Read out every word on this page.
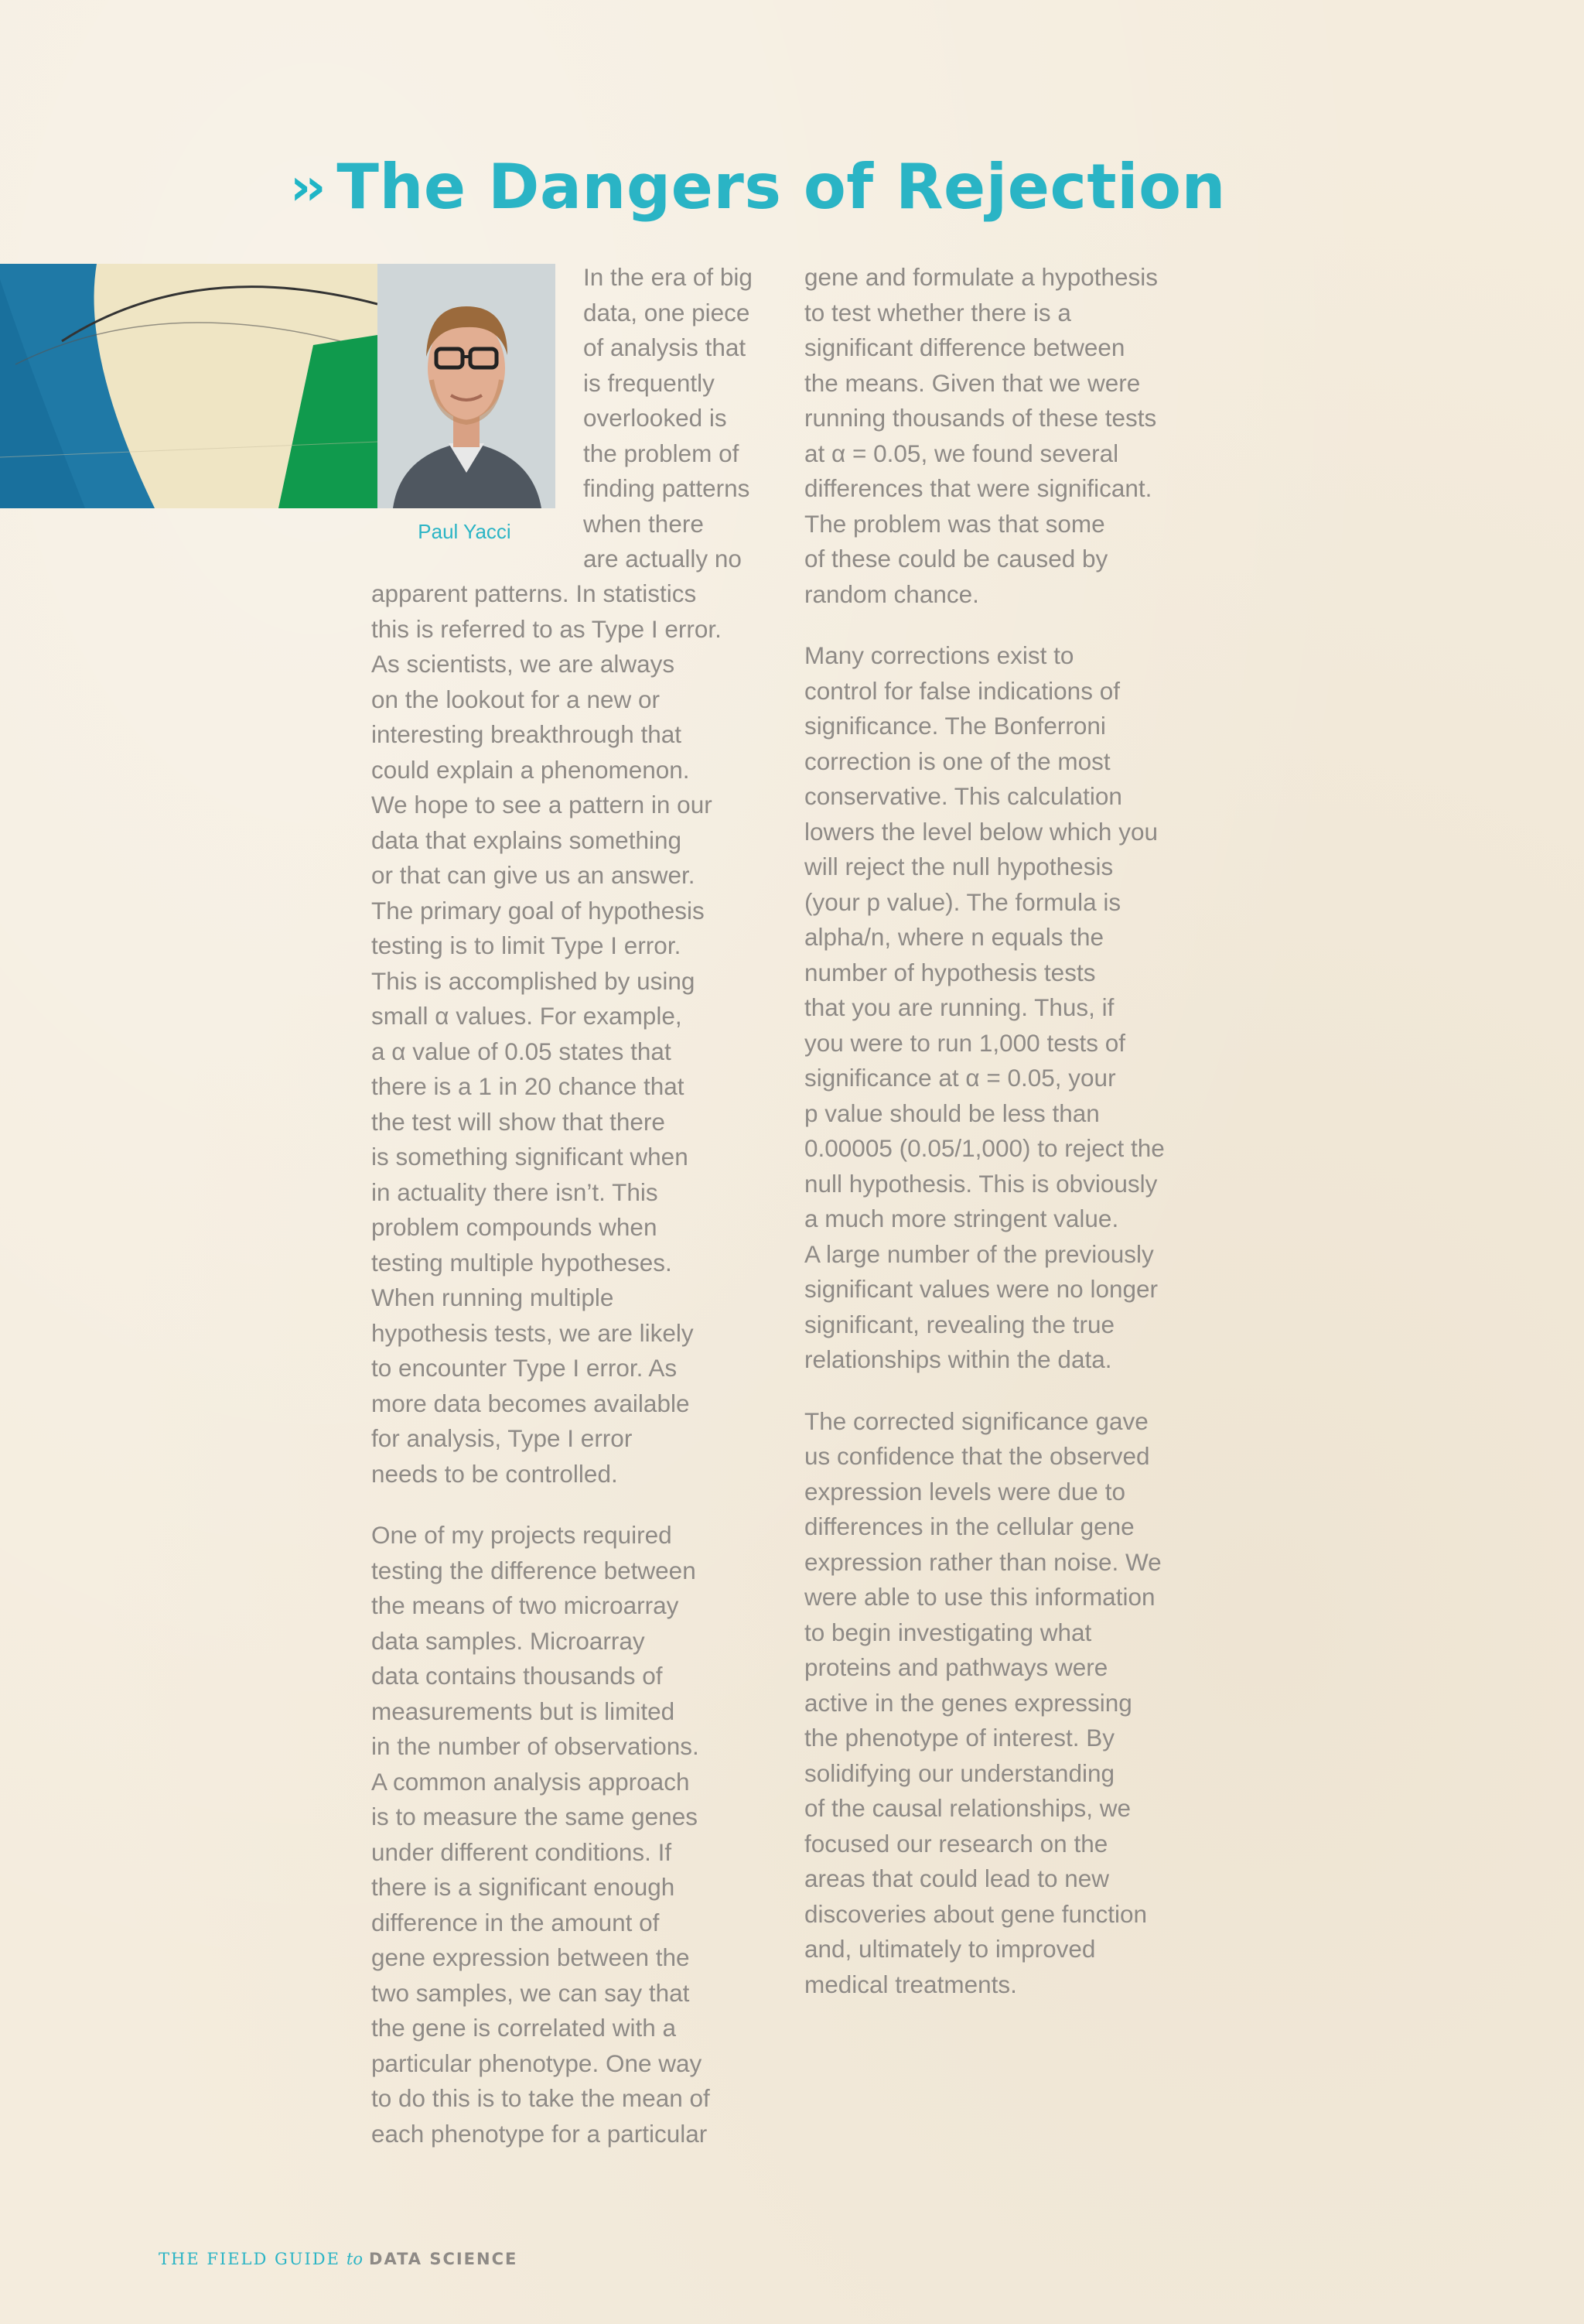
›› The Dangers of Rejection
Paul Yacci
In the era of big
data, one piece
of analysis that
is frequently
overlooked is
the problem of
finding patterns
when there
are actually no
apparent patterns. In statistics
this is referred to as Type I error.
As scientists, we are always
on the lookout for a new or
interesting breakthrough that
could explain a phenomenon.
We hope to see a pattern in our
data that explains something
or that can give us an answer.
The primary goal of hypothesis
testing is to limit Type I error.
This is accomplished by using
small α values. For example,
a α value of 0.05 states that
there is a 1 in 20 chance that
the test will show that there
is something significant when
in actuality there isn’t. This
problem compounds when
testing multiple hypotheses.
When running multiple
hypothesis tests, we are likely
to encounter Type I error. As
more data becomes available
for analysis, Type I error
needs to be controlled.
One of my projects required
testing the difference between
the means of two microarray
data samples. Microarray
data contains thousands of
measurements but is limited
in the number of observations.
A common analysis approach
is to measure the same genes
under different conditions. If
there is a significant enough
difference in the amount of
gene expression between the
two samples, we can say that
the gene is correlated with a
particular phenotype. One way
to do this is to take the mean of
each phenotype for a particular
gene and formulate a hypothesis
to test whether there is a
significant difference between
the means. Given that we were
running thousands of these tests
at α = 0.05, we found several
differences that were significant.
The problem was that some
of these could be caused by
random chance.
Many corrections exist to
control for false indications of
significance. The Bonferroni
correction is one of the most
conservative. This calculation
lowers the level below which you
will reject the null hypothesis
(your p value). The formula is
alpha/n, where n equals the
number of hypothesis tests
that you are running. Thus, if
you were to run 1,000 tests of
significance at α = 0.05, your
p value should be less than
0.00005 (0.05/1,000) to reject the
null hypothesis. This is obviously
a much more stringent value.
A large number of the previously
significant values were no longer
significant, revealing the true
relationships within the data.
The corrected significance gave
us confidence that the observed
expression levels were due to
differences in the cellular gene
expression rather than noise. We
were able to use this information
to begin investigating what
proteins and pathways were
active in the genes expressing
the phenotype of interest. By
solidifying our understanding
of the causal relationships, we
focused our research on the
areas that could lead to new
discoveries about gene function
and, ultimately to improved
medical treatments.
THE FIELD GUIDE to DATA SCIENCE
